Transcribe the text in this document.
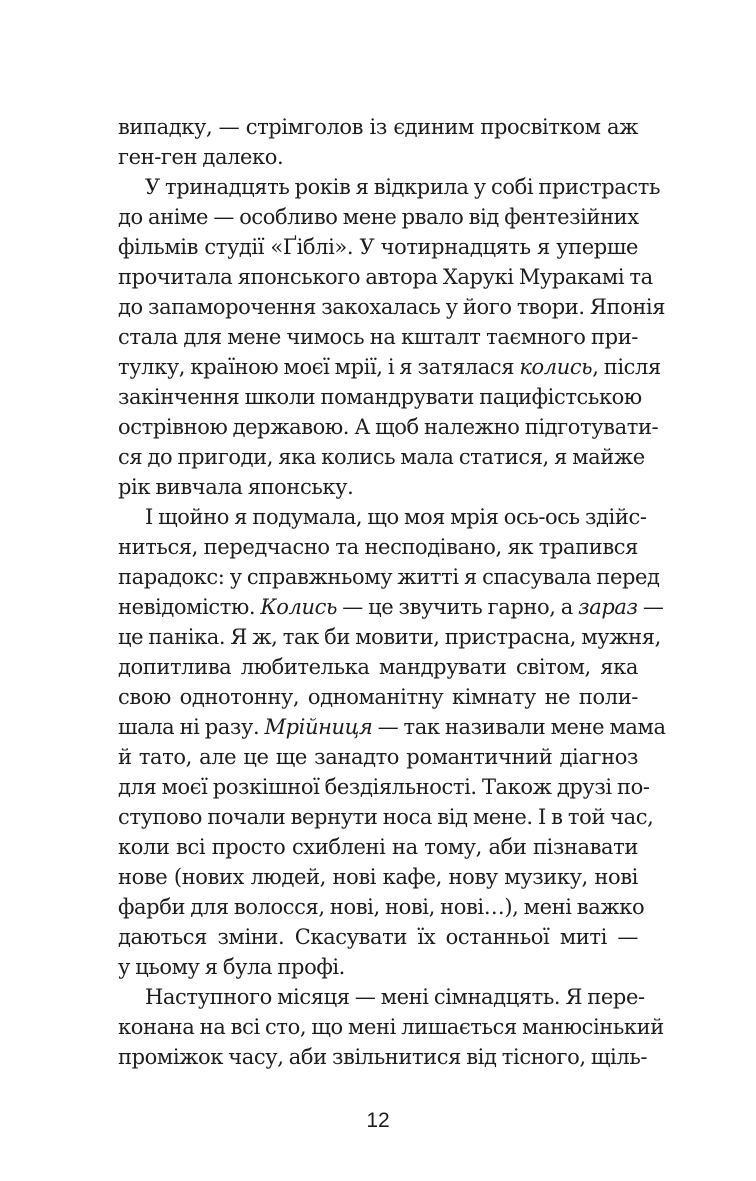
випадку, — стрімголов із єдиним просвітком аж
ген-ген далеко.

У тринадцять років я відкрила у собі пристрасть
до аніме — особливо мене рвало від фентезійних
фільмів студії «Ґіблі». У чотирнадцять я уперше
прочитала японського автора Харукі Муракамі та
до запаморочення закохалась у його твори. Японія
стала для мене чимось на кшталт таємного при-
тулку, країною моєї мрії, і я затялася колись, після
закінчення школи помандрувати пацифістською
острівною державою. А щоб належно підготувати-
ся до пригоди, яка колись мала статися, я майже
рік вивчала японську.

І щойно я подумала, що моя мрія ось-ось здійс-
ниться, передчасно та несподівано, як трапився
парадокс: у справжньому житті я спасувала перед
невідомістю. Колись — це звучить гарно, а зараз —
це паніка. Я ж, так би мовити, пристрасна, мужня,
допитлива любителька мандрувати світом, яка
свою однотонну, одноманітну кімнату не поли-
шала ні разу. Мрійниця — так називали мене мама
й тато, але це ще занадто романтичний діагноз
для моєї розкішної бездіяльності. Також друзі по-
ступово почали вернути носа від мене. І в той час,
коли всі просто схиблені на тому, аби пізнавати
нове (нових людей, нові кафе, нову музику, нові
фарби для волосся, нові, нові, нові…), мені важко
даються зміни. Скасувати їх останньої миті —
у цьому я була профі.

Наступного місяця — мені сімнадцять. Я пере-
конана на всі сто, що мені лишається манюсінький
проміжок часу, аби звільнитися від тісного, щіль-

12
